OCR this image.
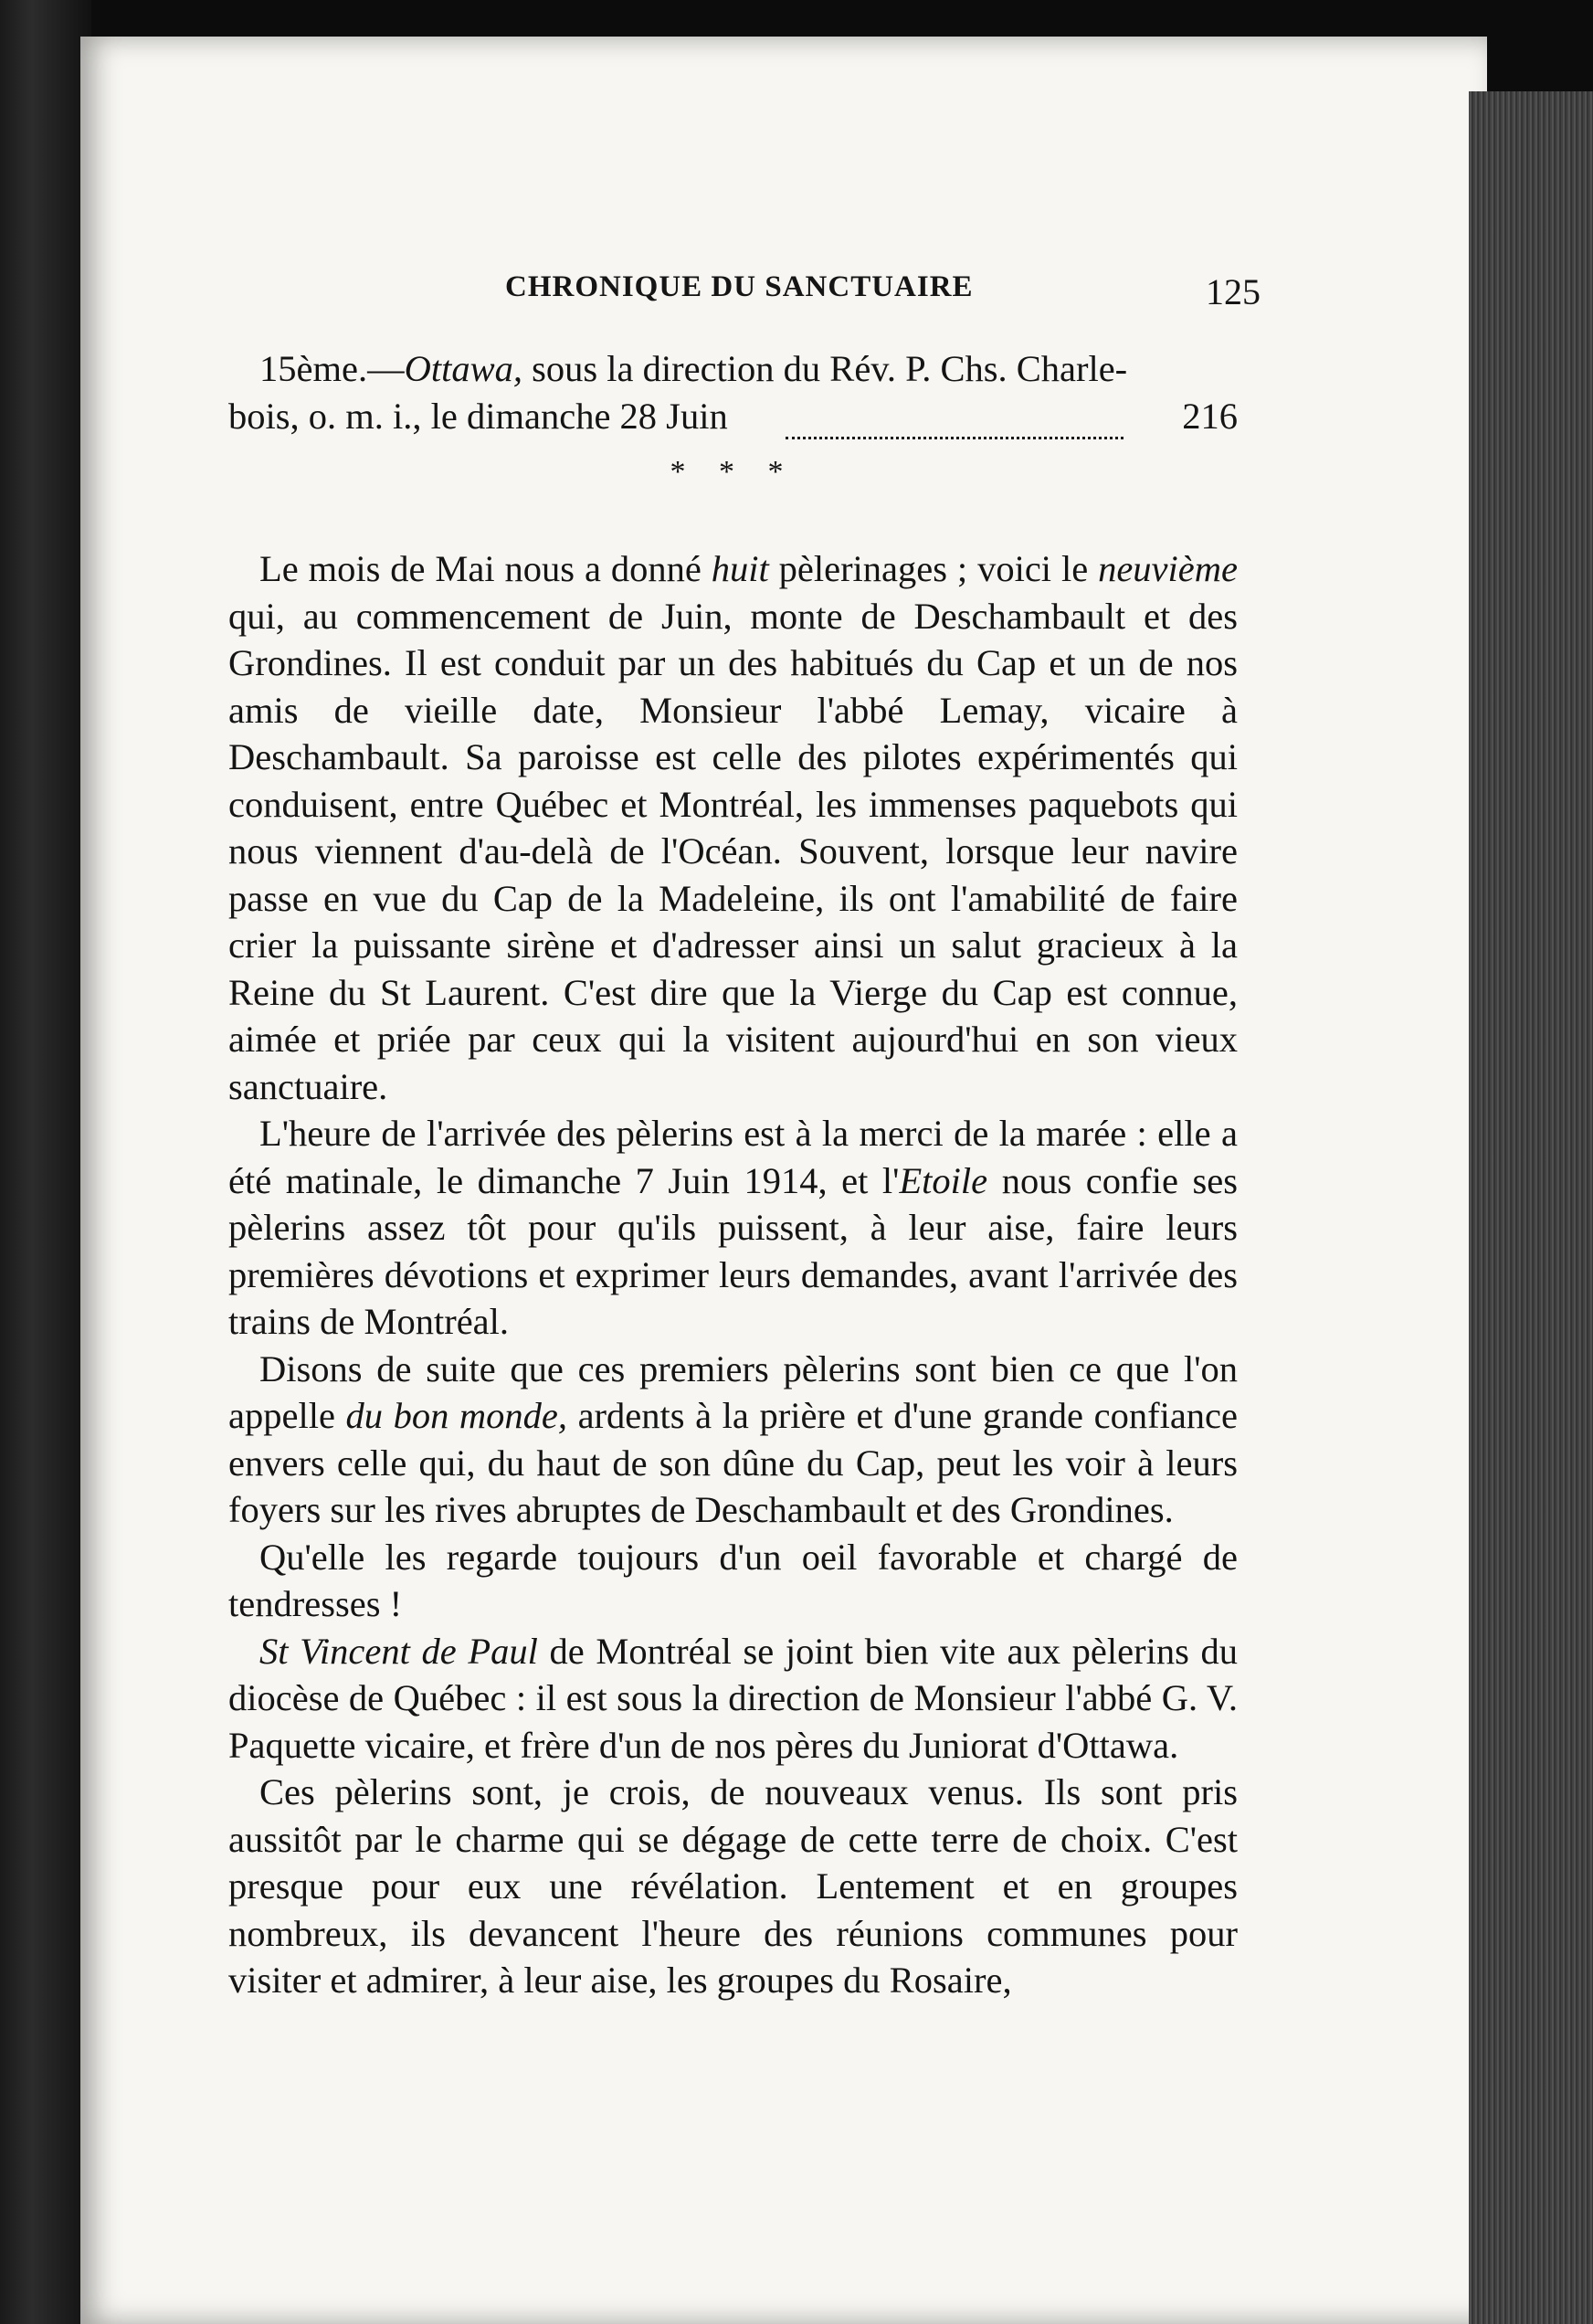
CHRONIQUE DU SANCTUAIRE	125

15ème.—Ottawa, sous la direction du Rév. P. Chs. Charle-

bois, o. m. i., le dimanche 28 Juin	216
* * *

Le mois de Mai nous a donné huit pèlerinages ; voici le neuvième qui, au commencement de Juin, monte de Deschambault et des Grondines. Il est conduit par un des habitués du Cap et un de nos amis de vieille date, Monsieur l'abbé Lemay, vicaire à Deschambault. Sa paroisse est celle des pilotes expérimentés qui conduisent, entre Québec et Montréal, les immenses paquebots qui nous viennent d'au-delà de l'Océan. Souvent, lorsque leur navire passe en vue du Cap de la Madeleine, ils ont l'amabilité de faire crier la puissante sirène et d'adresser ainsi un salut gracieux à la Reine du St Laurent. C'est dire que la Vierge du Cap est connue, aimée et priée par ceux qui la visitent aujourd'hui en son vieux sanctuaire.

L'heure de l'arrivée des pèlerins est à la merci de la marée : elle a été matinale, le dimanche 7 Juin 1914, et l'Etoile nous confie ses pèlerins assez tôt pour qu'ils puissent, à leur aise, faire leurs premières dévotions et exprimer leurs demandes, avant l'arrivée des trains de Montréal.

Disons de suite que ces premiers pèlerins sont bien ce que l'on appelle du bon monde, ardents à la prière et d'une grande confiance envers celle qui, du haut de son dûne du Cap, peut les voir à leurs foyers sur les rives abruptes de Deschambault et des Grondines.

Qu'elle les regarde toujours d'un oeil favorable et chargé de tendresses !

St Vincent de Paul de Montréal se joint bien vite aux pèlerins du diocèse de Québec : il est sous la direction de Monsieur l'abbé G. V. Paquette vicaire, et frère d'un de nos pères du Juniorat d'Ottawa.

Ces pèlerins sont, je crois, de nouveaux venus. Ils sont pris aussitôt par le charme qui se dégage de cette terre de choix. C'est presque pour eux une révélation. Lentement et en groupes nombreux, ils devancent l'heure des réunions communes pour visiter et admirer, à leur aise, les groupes du Rosaire,
